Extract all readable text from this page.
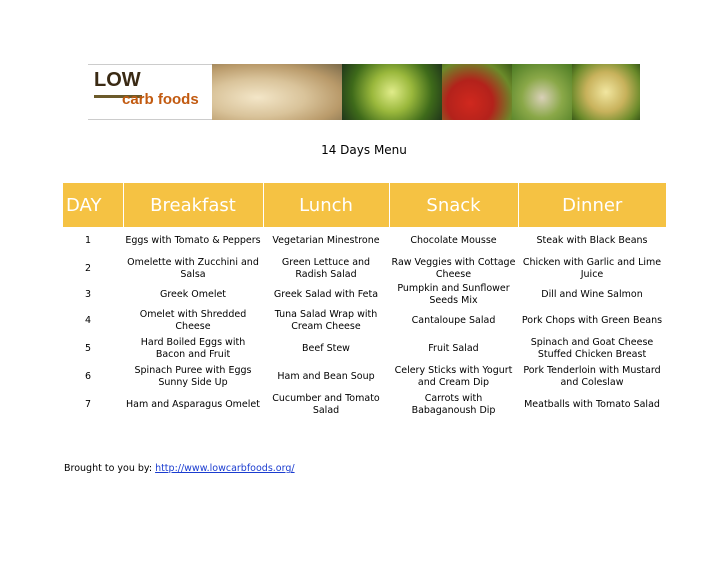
LOW
carb foods
14 Days Menu
DAY	Breakfast	Lunch	Snack	Dinner
1	Eggs with Tomato & Peppers	Vegetarian Minestrone	Chocolate Mousse	Steak with Black Beans
2	Omelette with Zucchini and Salsa	Green Lettuce and Radish Salad	Raw Veggies with Cottage Cheese	Chicken with Garlic and Lime Juice
3	Greek Omelet	Greek Salad with Feta	Pumpkin and Sunflower Seeds Mix	Dill and Wine Salmon
4	Omelet with Shredded Cheese	Tuna Salad Wrap with Cream Cheese	Cantaloupe Salad	Pork Chops with Green Beans
5	Hard Boiled Eggs with Bacon and Fruit	Beef Stew	Fruit Salad	Spinach and Goat Cheese Stuffed Chicken Breast
6	Spinach Puree with Eggs Sunny Side Up	Ham and Bean Soup	Celery Sticks with Yogurt and Cream Dip	Pork Tenderloin with Mustard and Coleslaw
7	Ham and Asparagus Omelet	Cucumber and Tomato Salad	Carrots with Babaganoush Dip	Meatballs with Tomato Salad
Brought to you by: http://www.lowcarbfoods.org/
